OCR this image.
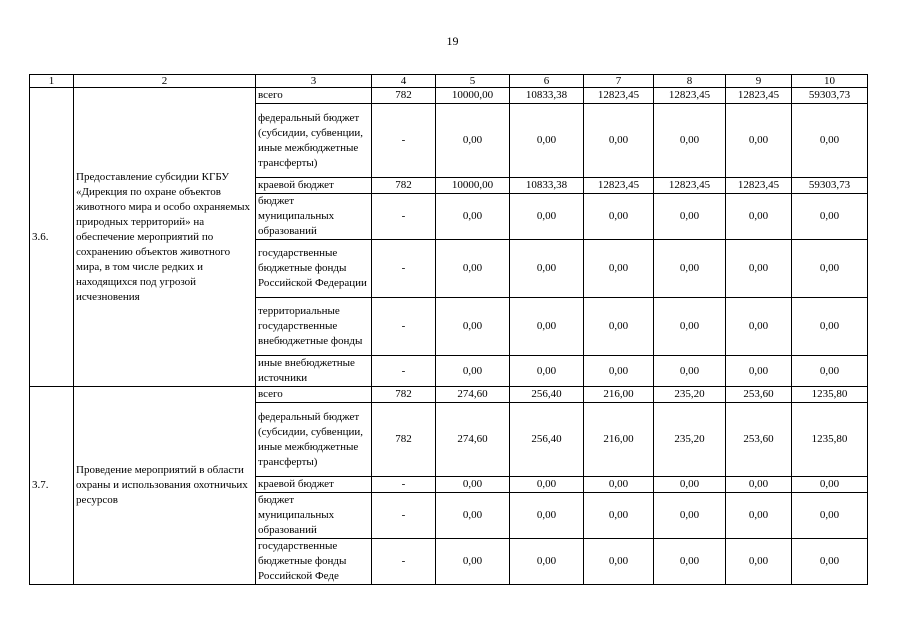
19
1	2	3	4	5	6	7	8	9	10
3.6.	Предоставление субсидии КГБУ «Дирекция по охране объектов животного мира и особо охраняемых природных территорий» на обеспечение мероприятий по сохранению объектов животного мира, в том числе редких и находящихся под угрозой исчезновения	всего	782	10000,00	10833,38	12823,45	12823,45	12823,45	59303,73
		федеральный бюджет (субсидии, субвенции, иные межбюджетные трансферты)	-	0,00	0,00	0,00	0,00	0,00	0,00
		краевой бюджет	782	10000,00	10833,38	12823,45	12823,45	12823,45	59303,73
		бюджет муниципальных образований	-	0,00	0,00	0,00	0,00	0,00	0,00
		государственные бюджетные фонды Российской Федерации	-	0,00	0,00	0,00	0,00	0,00	0,00
		территориальные государственные внебюджетные фонды	-	0,00	0,00	0,00	0,00	0,00	0,00
		иные внебюджетные источники	-	0,00	0,00	0,00	0,00	0,00	0,00
3.7.	Проведение мероприятий в области охраны и использования охотничьих ресурсов	всего	782	274,60	256,40	216,00	235,20	253,60	1235,80
		федеральный бюджет (субсидии, субвенции, иные межбюджетные трансферты)	782	274,60	256,40	216,00	235,20	253,60	1235,80
		краевой бюджет	-	0,00	0,00	0,00	0,00	0,00	0,00
		бюджет муниципальных образований	-	0,00	0,00	0,00	0,00	0,00	0,00
		государственные бюджетные фонды Российской Феде	-	0,00	0,00	0,00	0,00	0,00	0,00
